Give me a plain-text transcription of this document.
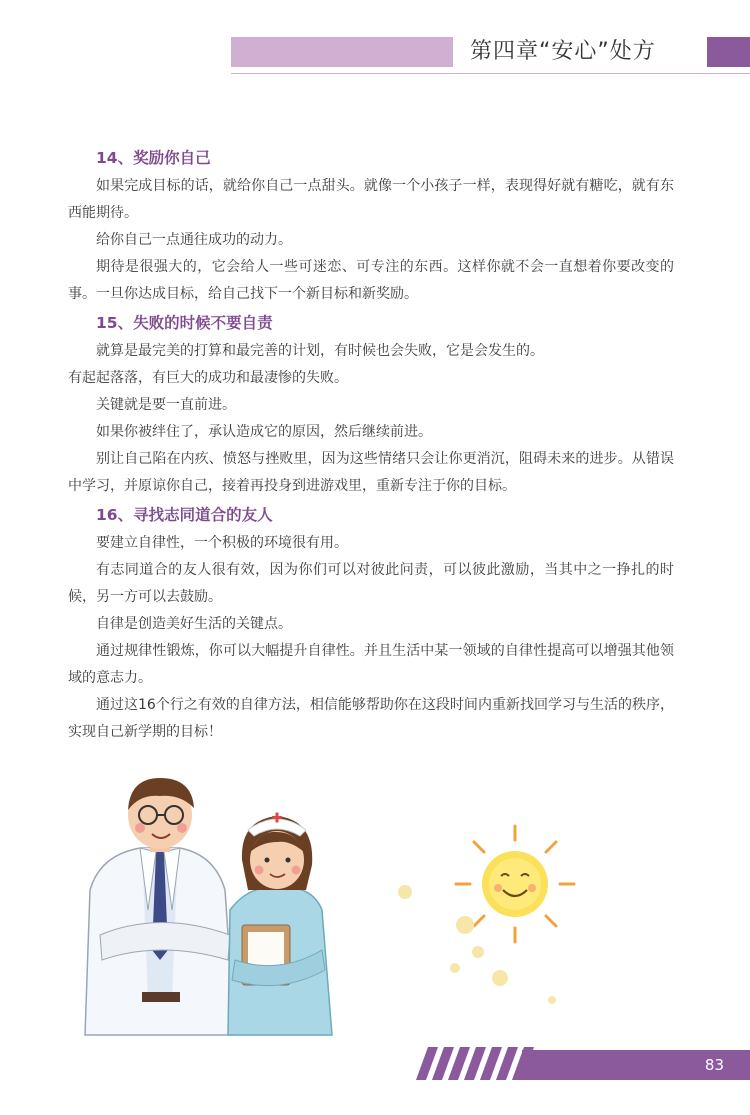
第四章“安心”处方
14、奖励你自己

如果完成目标的话，就给你自己一点甜头。就像一个小孩子一样，表现得好就有糖吃，就有东西能期待。

给你自己一点通往成功的动力。

期待是很强大的，它会给人一些可迷恋、可专注的东西。这样你就不会一直想着你要改变的事。一旦你达成目标，给自己找下一个新目标和新奖励。

15、失败的时候不要自责

就算是最完美的打算和最完善的计划，有时候也会失败，它是会发生的。

有起起落落，有巨大的成功和最凄惨的失败。

关键就是要一直前进。

如果你被绊住了，承认造成它的原因，然后继续前进。

别让自己陷在内疚、愤怒与挫败里，因为这些情绪只会让你更消沉，阻碍未来的进步。从错误中学习，并原谅你自己，接着再投身到进游戏里，重新专注于你的目标。

16、寻找志同道合的友人

要建立自律性，一个积极的环境很有用。

有志同道合的友人很有效，因为你们可以对彼此问责，可以彼此激励，当其中之一挣扎的时候，另一方可以去鼓励。

自律是创造美好生活的关键点。

通过规律性锻炼，你可以大幅提升自律性。并且生活中某一领域的自律性提高可以增强其他领域的意志力。

通过这16个行之有效的自律方法，相信能够帮助你在这段时间内重新找回学习与生活的秩序，实现自己新学期的目标！

83
